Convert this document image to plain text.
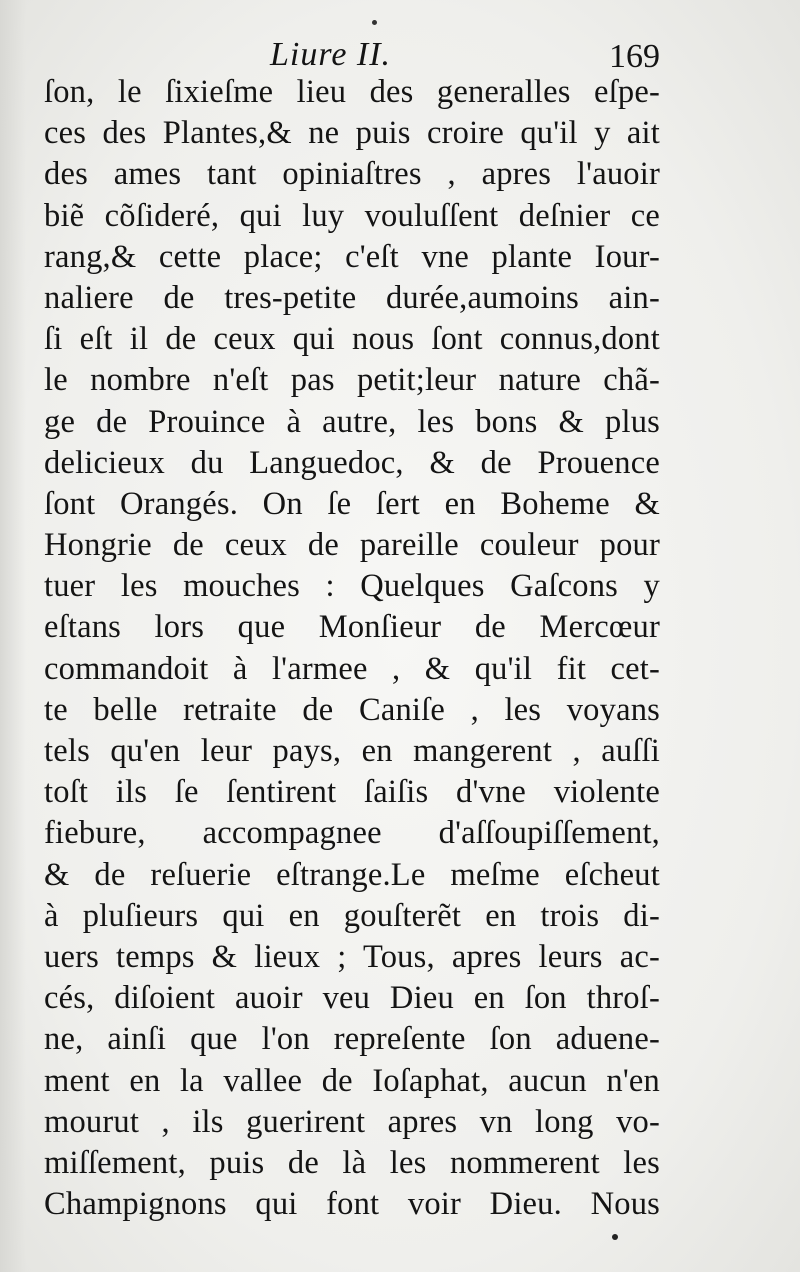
Liure II.	169
ſon, le ſixieſme lieu des generalles eſpe-
ces des Plantes,& ne puis croire qu'il y ait
des ames tant opiniaſtres , apres l'auoir
biẽ cõſideré, qui luy vouluſſent deſnier ce
rang,& cette place; c'eſt vne plante Iour-
naliere de tres-petite durée,aumoins ain-
ſi eſt il de ceux qui nous ſont connus,dont
le nombre n'eſt pas petit;leur nature chã-
ge de Prouince à autre, les bons & plus
delicieux du Languedoc, & de Prouence
ſont Orangés. On ſe ſert en Boheme &
Hongrie de ceux de pareille couleur pour
tuer les mouches : Quelques Gaſcons y
eſtans lors que Monſieur de Mercœur
commandoit à l'armee , & qu'il fit cet-
te belle retraite de Caniſe , les voyans
tels qu'en leur pays, en mangerent , auſſi
toſt ils ſe ſentirent ſaiſis d'vne violente
fiebure, accompagnee d'aſſoupiſſement,
& de reſuerie eſtrange.Le meſme eſcheut
à pluſieurs qui en gouſterẽt en trois di-
uers temps & lieux ; Tous, apres leurs ac-
cés, diſoient auoir veu Dieu en ſon throſ-
ne, ainſi que l'on repreſente ſon aduene-
ment en la vallee de Ioſaphat, aucun n'en
mourut , ils guerirent apres vn long vo-
miſſement, puis de là les nommerent les
Champignons qui font voir Dieu. Nous
